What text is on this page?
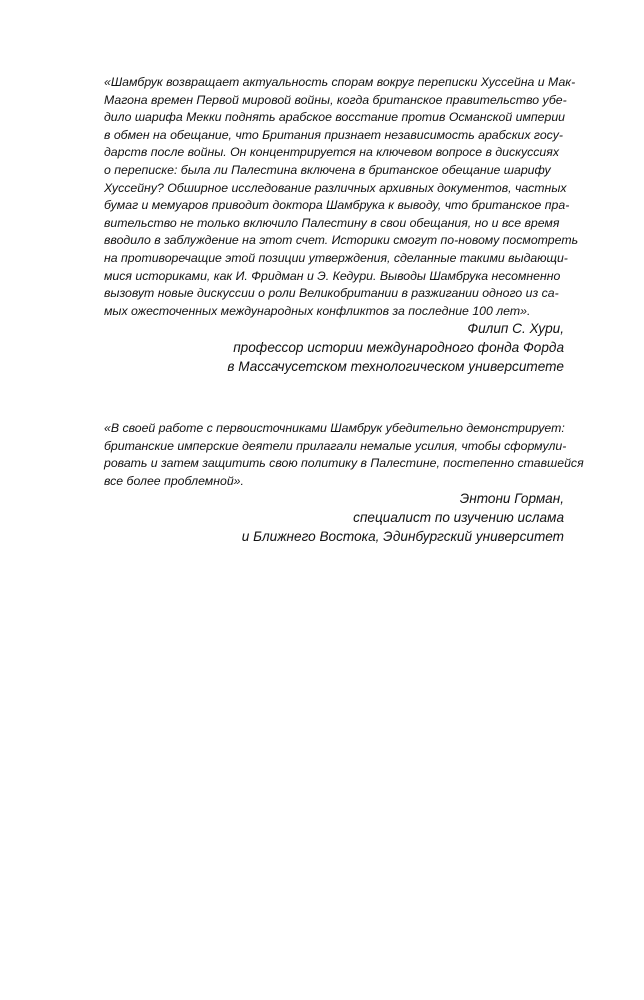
«Шамбрук возвращает актуальность спорам вокруг переписки Хуссейна и Мак-
Магона времен Первой мировой войны, когда британское правительство убе-
дило шарифа Мекки поднять арабское восстание против Османской империи
в обмен на обещание, что Британия признает независимость арабских госу-
дарств после войны. Он концентрируется на ключевом вопросе в дискуссиях
о переписке: была ли Палестина включена в британское обещание шарифу
Хуссейну? Обширное исследование различных архивных документов, частных
бумаг и мемуаров приводит доктора Шамбрука к выводу, что британское пра-
вительство не только включило Палестину в свои обещания, но и все время
вводило в заблуждение на этот счет. Историки смогут по-новому посмотреть
на противоречащие этой позиции утверждения, сделанные такими выдающи-
мися историками, как И. Фридман и Э. Кедури. Выводы Шамбрука несомненно
вызовут новые дискуссии о роли Великобритании в разжигании одного из са-
мых ожесточенных международных конфликтов за последние 100 лет».
Филип С. Хури,
профессор истории международного фонда Форда
в Массачусетском технологическом университете
«В своей работе с первоисточниками Шамбрук убедительно демонстрирует:
британские имперские деятели прилагали немалые усилия, чтобы сформули-
ровать и затем защитить свою политику в Палестине, постепенно ставшейся
все более проблемной».
Энтони Горман,
специалист по изучению ислама
и Ближнего Востока, Эдинбургский университет
